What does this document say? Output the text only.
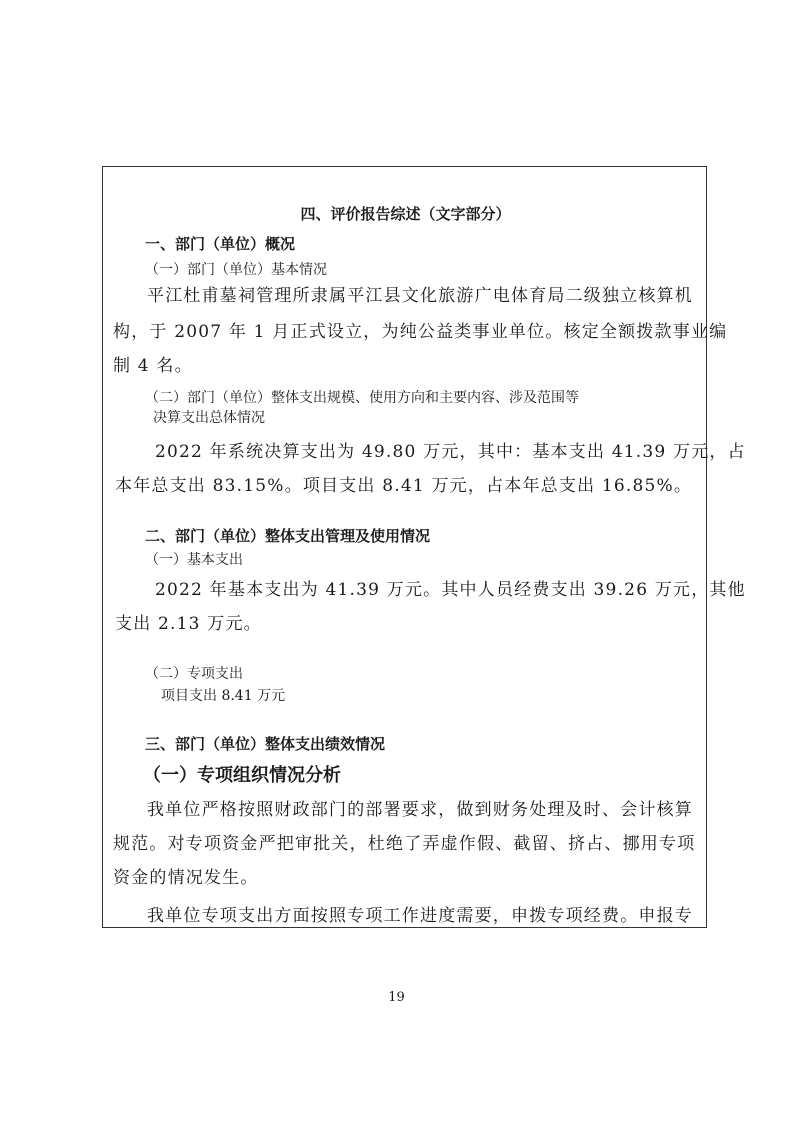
四、评价报告综述（文字部分）
一、部门（单位）概况
（一）部门（单位）基本情况
平江杜甫墓祠管理所隶属平江县文化旅游广电体育局二级独立核算机
构，于 2007 年 1 月正式设立，为纯公益类事业单位。核定全额拨款事业编
制 4 名。
（二）部门（单位）整体支出规模、使用方向和主要内容、涉及范围等
决算支出总体情况
2022 年系统决算支出为 49.80 万元，其中：基本支出 41.39 万元，占
本年总支出 83.15%。项目支出 8.41 万元，占本年总支出 16.85%。
二、部门（单位）整体支出管理及使用情况
（一）基本支出
2022 年基本支出为 41.39 万元。其中人员经费支出 39.26 万元，其他
支出 2.13 万元。
（二）专项支出
项目支出 8.41 万元
三、部门（单位）整体支出绩效情况
（一）专项组织情况分析
我单位严格按照财政部门的部署要求，做到财务处理及时、会计核算
规范。对专项资金严把审批关，杜绝了弄虚作假、截留、挤占、挪用专项
资金的情况发生。
我单位专项支出方面按照专项工作进度需要，申拨专项经费。申报专
19
